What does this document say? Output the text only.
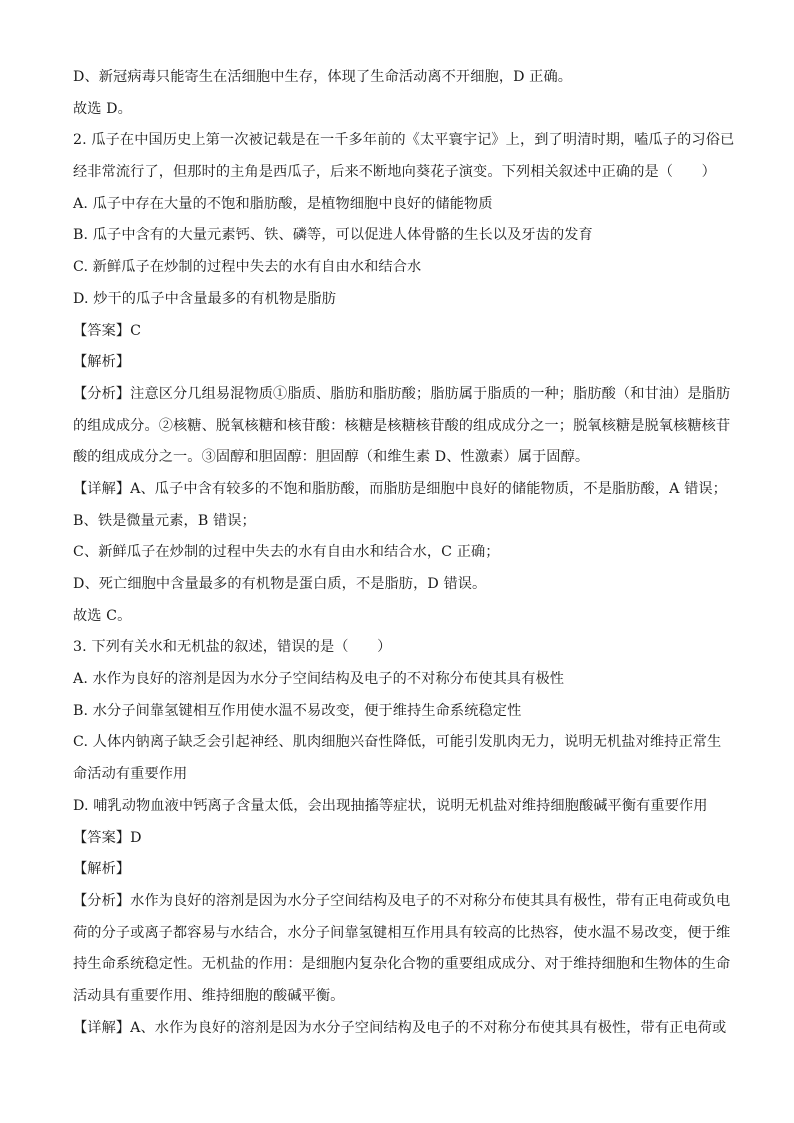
D、新冠病毒只能寄生在活细胞中生存，体现了生命活动离不开细胞，D 正确。
故选 D。
2. 瓜子在中国历史上第一次被记载是在一千多年前的《太平寰宇记》上，到了明清时期，嗑瓜子的习俗已
经非常流行了，但那时的主角是西瓜子，后来不断地向葵花子演变。下列相关叙述中正确的是（　　）
A. 瓜子中存在大量的不饱和脂肪酸，是植物细胞中良好的储能物质
B. 瓜子中含有的大量元素钙、铁、磷等，可以促进人体骨骼的生长以及牙齿的发育
C. 新鲜瓜子在炒制的过程中失去的水有自由水和结合水
D. 炒干的瓜子中含量最多的有机物是脂肪
【答案】C
【解析】
【分析】注意区分几组易混物质①脂质、脂肪和脂肪酸；脂肪属于脂质的一种；脂肪酸（和甘油）是脂肪
的组成成分。②核糖、脱氧核糖和核苷酸：核糖是核糖核苷酸的组成成分之一；脱氧核糖是脱氧核糖核苷
酸的组成成分之一。③固醇和胆固醇：胆固醇（和维生素 D、性激素）属于固醇。
【详解】A、瓜子中含有较多的不饱和脂肪酸，而脂肪是细胞中良好的储能物质，不是脂肪酸，A 错误；
B、铁是微量元素，B 错误；
C、新鲜瓜子在炒制的过程中失去的水有自由水和结合水，C 正确；
D、死亡细胞中含量最多的有机物是蛋白质，不是脂肪，D 错误。
故选 C。
3. 下列有关水和无机盐的叙述，错误的是（　　）
A. 水作为良好的溶剂是因为水分子空间结构及电子的不对称分布使其具有极性
B. 水分子间靠氢键相互作用使水温不易改变，便于维持生命系统稳定性
C. 人体内钠离子缺乏会引起神经、肌肉细胞兴奋性降低，可能引发肌肉无力，说明无机盐对维持正常生
命活动有重要作用
D. 哺乳动物血液中钙离子含量太低，会出现抽搐等症状，说明无机盐对维持细胞酸碱平衡有重要作用
【答案】D
【解析】
【分析】水作为良好的溶剂是因为水分子空间结构及电子的不对称分布使其具有极性，带有正电荷或负电
荷的分子或离子都容易与水结合，水分子间靠氢键相互作用具有较高的比热容，使水温不易改变，便于维
持生命系统稳定性。无机盐的作用：是细胞内复杂化合物的重要组成成分、对于维持细胞和生物体的生命
活动具有重要作用、维持细胞的酸碱平衡。
【详解】A、水作为良好的溶剂是因为水分子空间结构及电子的不对称分布使其具有极性，带有正电荷或
